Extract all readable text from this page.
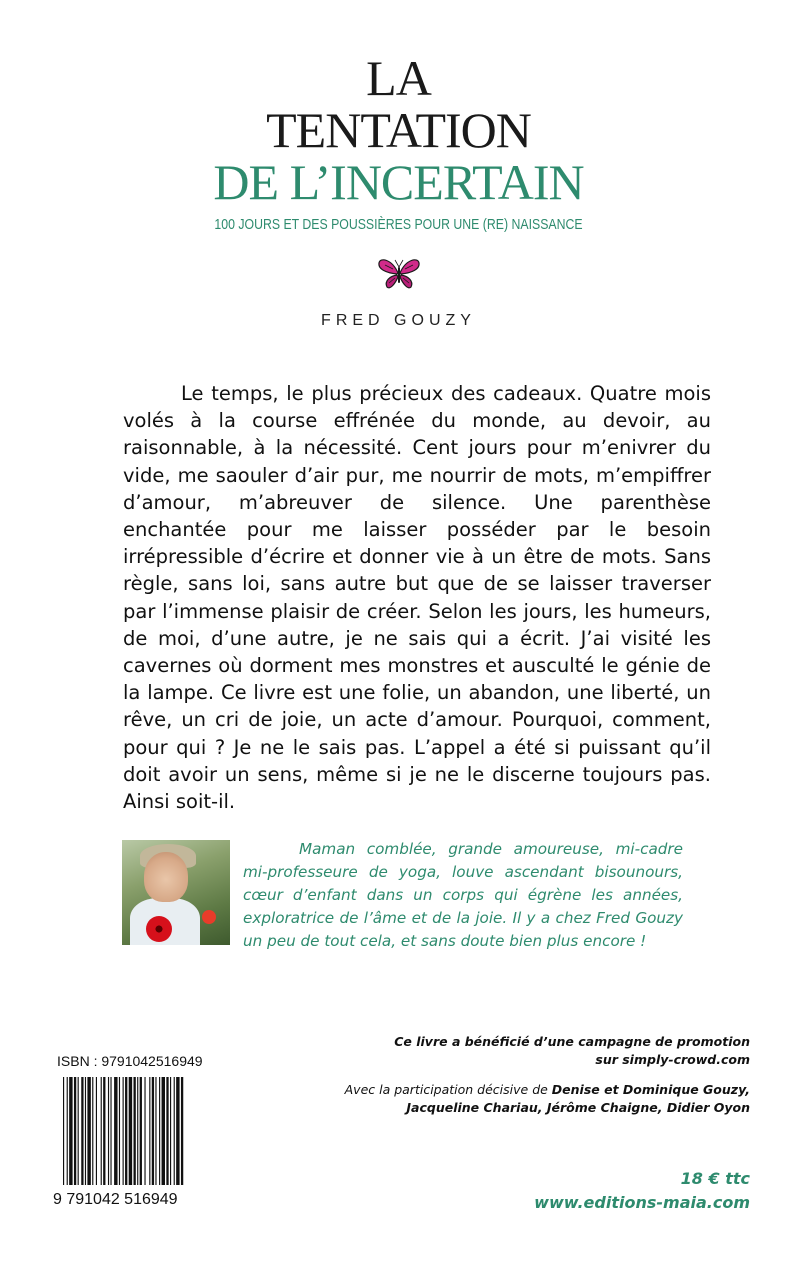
LA
TENTATION
DE L’INCERTAIN
100 JOURS ET DES POUSSIÈRES POUR UNE (RE) NAISSANCE
FRED GOUZY

Le temps, le plus précieux des cadeaux. Quatre mois volés à la course effrénée du monde, au devoir, au raisonnable, à la nécessité. Cent jours pour m’enivrer du vide, me saouler d’air pur, me nourrir de mots, m’empiffrer d’amour, m’abreuver de silence. Une parenthèse enchantée pour me laisser posséder par le besoin irrépressible d’écrire et donner vie à un être de mots. Sans règle, sans loi, sans autre but que de se laisser traverser par l’immense plaisir de créer. Selon les jours, les humeurs, de moi, d’une autre, je ne sais qui a écrit. J’ai visité les cavernes où dorment mes monstres et ausculté le génie de la lampe. Ce livre est une folie, un abandon, une liberté, un rêve, un cri de joie, un acte d’amour. Pourquoi, comment, pour qui ? Je ne le sais pas. L’appel a été si puissant qu’il doit avoir un sens, même si je ne le discerne toujours pas. Ainsi soit-il.

Maman comblée, grande amoureuse, mi-cadre mi-professeure de yoga, louve ascendant bisounours, cœur d’enfant dans un corps qui égrène les années, exploratrice de l’âme et de la joie. Il y a chez Fred Gouzy un peu de tout cela, et sans doute bien plus encore !

ISBN : 9791042516949
9 791042 516949

Ce livre a bénéficié d’une campagne de promotion
sur simply-crowd.com

Avec la participation décisive de Denise et Dominique Gouzy,
Jacqueline Chariau, Jérôme Chaigne, Didier Oyon

18 € ttc
www.editions-maia.com
